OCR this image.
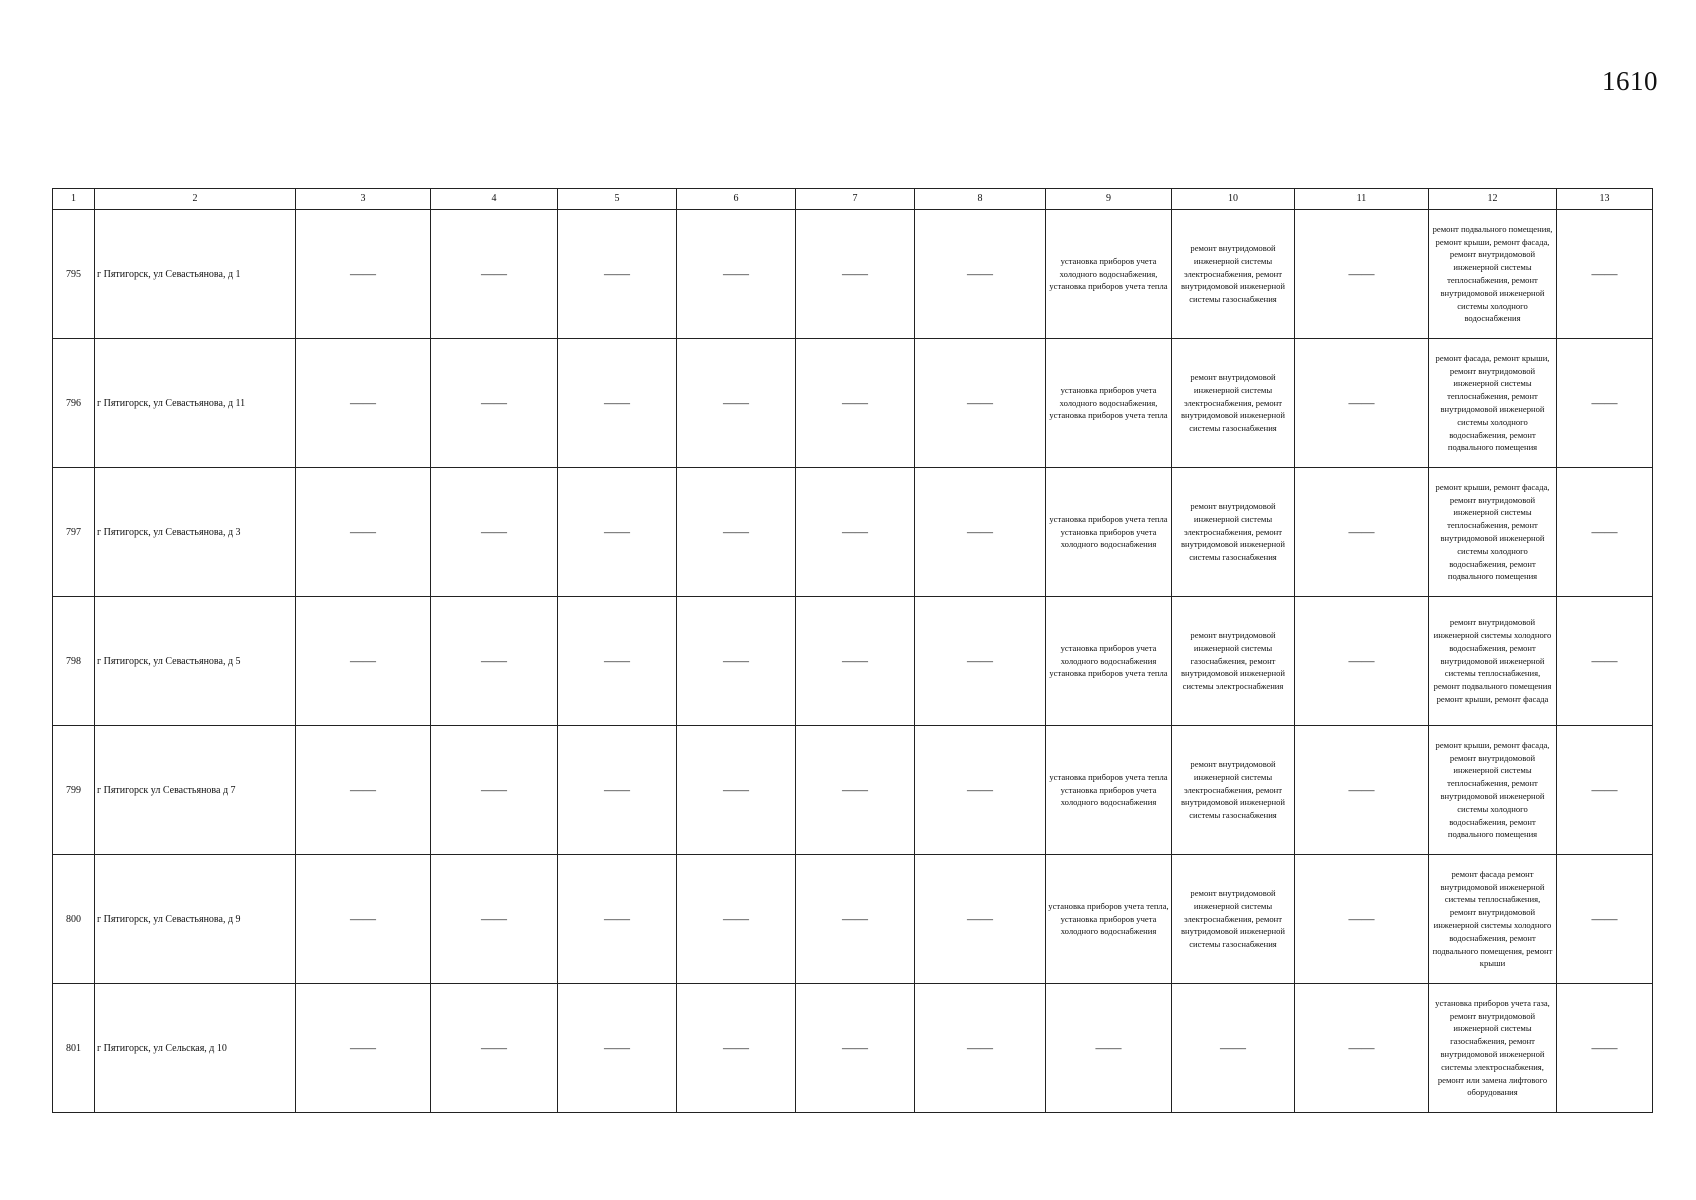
1610
1	2	3	4	5	6	7	8	9	10	11	12	13
795	г Пятигорск, ул Севастьянова, д 1	——	——	——	——	——	——	установка приборов учета холодного водоснабжения, установка приборов учета тепла	ремонт внутридомовой инженерной системы электроснабжения, ремонт внутридомовой инженерной системы газоснабжения	——	ремонт подвального помещения, ремонт крыши, ремонт фасада, ремонт внутридомовой инженерной системы теплоснабжения, ремонт внутридомовой инженерной системы холодного водоснабжения	——
796	г Пятигорск, ул Севастьянова, д 11	——	——	——	——	——	——	установка приборов учета холодного водоснабжения, установка приборов учета тепла	ремонт внутридомовой инженерной системы электроснабжения, ремонт внутридомовой инженерной системы газоснабжения	——	ремонт фасада, ремонт крыши, ремонт внутридомовой инженерной системы теплоснабжения, ремонт внутридомовой инженерной системы холодного водоснабжения, ремонт подвального помещения	——
797	г Пятигорск, ул Севастьянова, д 3	——	——	——	——	——	——	установка приборов учета тепла установка приборов учета холодного водоснабжения	ремонт внутридомовой инженерной системы электроснабжения, ремонт внутридомовой инженерной системы газоснабжения	——	ремонт крыши, ремонт фасада, ремонт внутридомовой инженерной системы теплоснабжения, ремонт внутридомовой инженерной системы холодного водоснабжения, ремонт подвального помещения	——
798	г Пятигорск, ул Севастьянова, д 5	——	——	——	——	——	——	установка приборов учета холодного водоснабжения установка приборов учета тепла	ремонт внутридомовой инженерной системы газоснабжения, ремонт внутридомовой инженерной системы электроснабжения	——	ремонт внутридомовой инженерной системы холодного водоснабжения, ремонт внутридомовой инженерной системы теплоснабжения, ремонт подвального помещения ремонт крыши, ремонт фасада	——
799	г Пятигорск ул Севастьянова д 7	——	——	——	——	——	——	установка приборов учета тепла установка приборов учета холодного водоснабжения	ремонт внутридомовой инженерной системы электроснабжения, ремонт внутридомовой инженерной системы газоснабжения	——	ремонт крыши, ремонт фасада, ремонт внутридомовой инженерной системы теплоснабжения, ремонт внутридомовой инженерной системы холодного водоснабжения, ремонт подвального помещения	——
800	г Пятигорск, ул Севастьянова, д 9	——	——	——	——	——	——	установка приборов учета тепла, установка приборов учета холодного водоснабжения	ремонт внутридомовой инженерной системы электроснабжения, ремонт внутридомовой инженерной системы газоснабжения	——	ремонт фасада ремонт внутридомовой инженерной системы теплоснабжения, ремонт внутридомовой инженерной системы холодного водоснабжения, ремонт подвального помещения, ремонт крыши	——
801	г Пятигорск, ул Сельская, д 10	——	——	——	——	——	——	——	——	——	установка приборов учета газа, ремонт внутридомовой инженерной системы газоснабжения, ремонт внутридомовой инженерной системы электроснабжения, ремонт или замена лифтового оборудования	——
